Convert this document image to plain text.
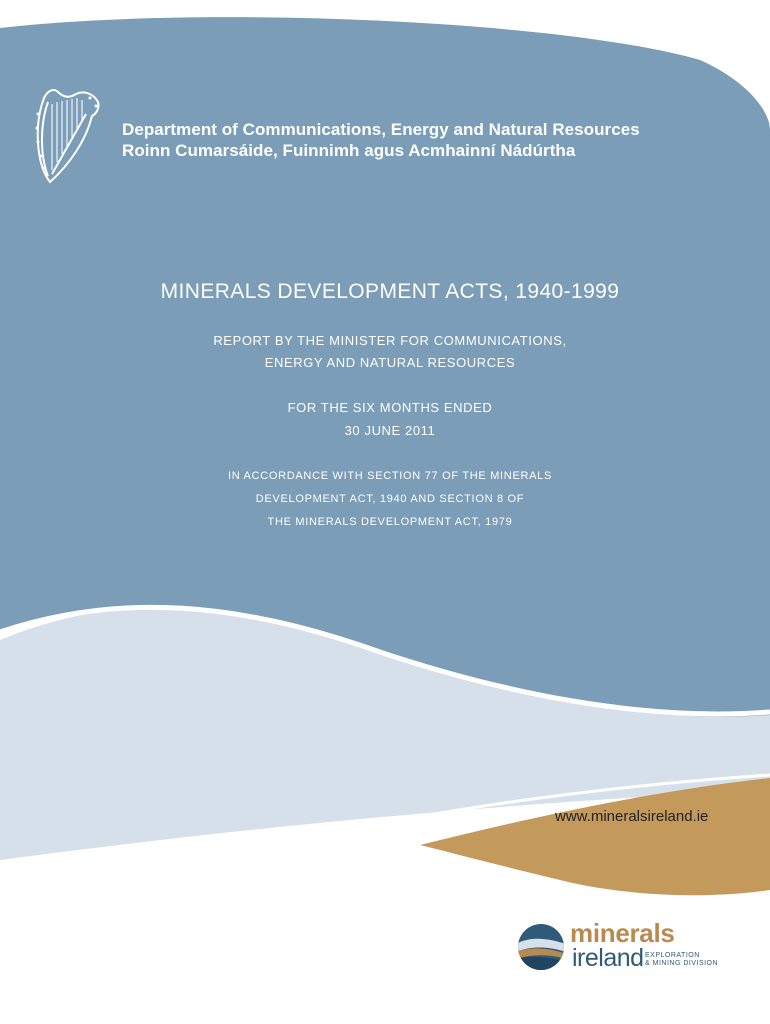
Department of Communications, Energy and Natural Resources
Roinn Cumarsáide, Fuinnimh agus Acmhainní Nádúrtha
MINERALS DEVELOPMENT ACTS, 1940-1999
REPORT BY THE MINISTER FOR COMMUNICATIONS,
ENERGY AND NATURAL RESOURCES
FOR THE SIX MONTHS ENDED
30 JUNE 2011
IN ACCORDANCE WITH SECTION 77 OF THE MINERALS
DEVELOPMENT ACT, 1940 AND SECTION 8 OF
THE MINERALS DEVELOPMENT ACT, 1979
www.mineralsireland.ie
minerals
ireland EXPLORATION
& MINING DIVISION
